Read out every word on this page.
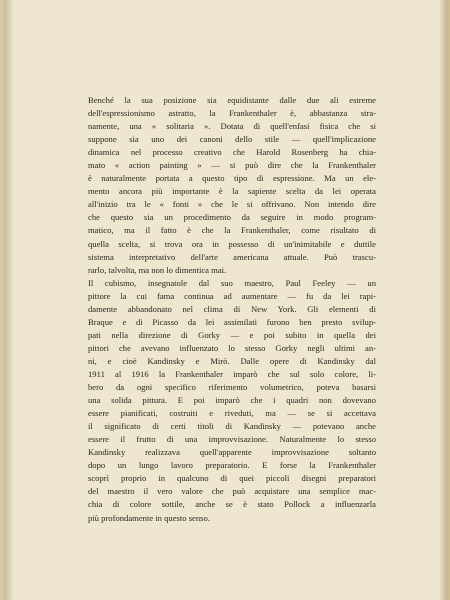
Benché la sua posizione sia equidistante dalle due ali estreme
dell'espressionismo astratto, la Frankenthaler è, abbastanza stra-
namente, una « solitaria ». Dotata di quell'enfasi fisica che si
suppone sia uno dei canoni dello stile — quell'implicazione
dinamica nel processo creativo che Harold Rosenberg ha chia-
mato « action painting » — si può dire che la Frankenthaler
è naturalmente portata a questo tipo di espressione. Ma un ele-
mento ancora più importante è la sapiente scelta da lei operata
all'inizio tra le « fonti » che le si offrivano. Non intendo dire
che questo sia un procedimento da seguire in modo program-
matico, ma il fatto è che la Frankenthaler, come risultato di
quella scelta, si trova ora in possesso di un'inimitabile e duttile
sistema interpretativo dell'arte americana attuale. Può trascu-
rarlo, talvolta, ma non lo dimentica mai.
Il cubismo, insegnatole dal suo maestro, Paul Feeley — un
pittore la cui fama continua ad aumentare — fu da lei rapi-
damente abbandonato nel clima di New York. Gli elementi di
Braque e di Picasso da lei assimilati furono ben presto svilup-
pati nella direzione di Gorky — e poi subito in quella dei
pittori che avevano influenzato lo stesso Gorky negli ultimi an-
ni, e cioè Kandinsky e Mirò. Dalle opere di Kandinsky dal
1911 al 1916 la Frankenthaler imparò che sul solo colore, li-
bero da ogni specifico riferimento volumetrico, poteva basarsi
una solida pittura. E poi imparò che i quadri non dovevano
essere pianificati, costruiti e riveduti, ma — se si accettava
il significato di certi titoli di Kandinsky — potevano anche
essere il frutto di una improvvisazione. Naturalmente lo stesso
Kandinsky realizzava quell'apparente improvvisazione soltanto
dopo un lungo lavoro preparatorio. E forse la Frankenthaler
scoprì proprio in qualcuno di quei piccoli disegni preparatori
del maestro il vero valore che può acquistare una semplice mac-
chia di colore sottile, anche se è stato Pollock a influenzarla
più profondamente in questo senso.
